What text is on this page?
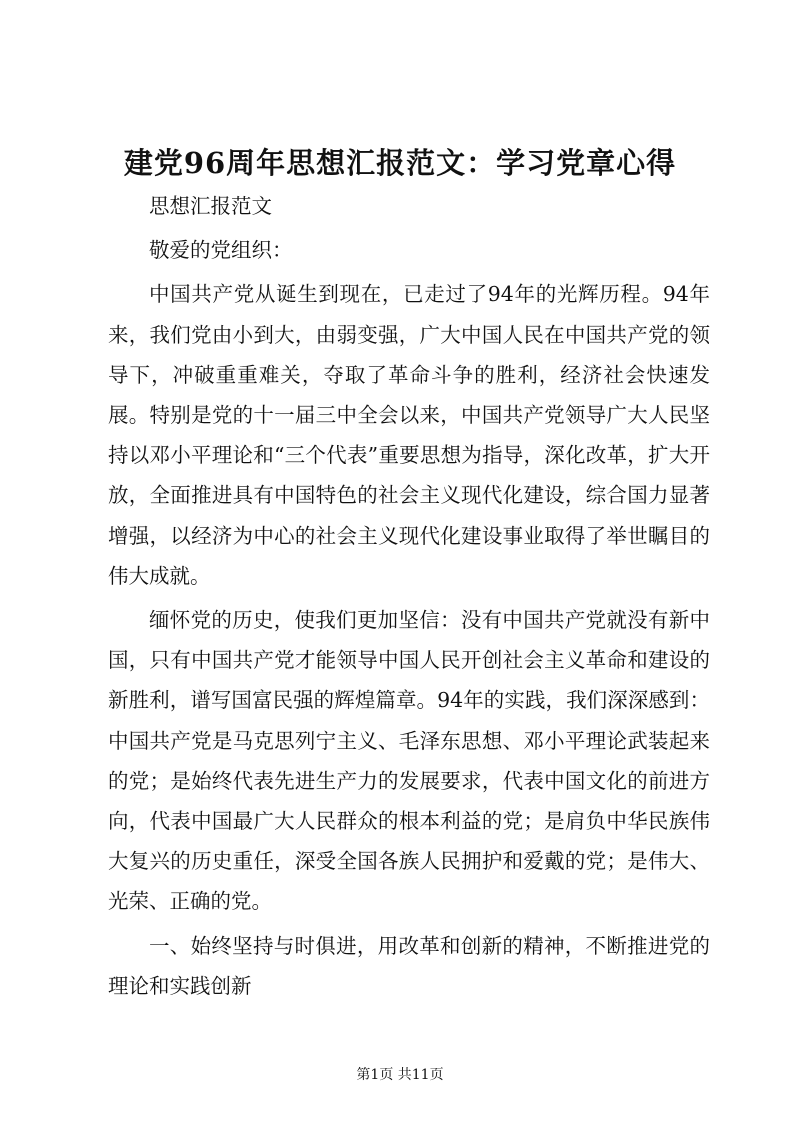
建党96周年思想汇报范文：学习党章心得

思想汇报范文

敬爱的党组织：

中国共产党从诞生到现在，已走过了94年的光辉历程。94年来，我们党由小到大，由弱变强，广大中国人民在中国共产党的领导下，冲破重重难关，夺取了革命斗争的胜利，经济社会快速发展。特别是党的十一届三中全会以来，中国共产党领导广大人民坚持以邓小平理论和“三个代表”重要思想为指导，深化改革，扩大开放，全面推进具有中国特色的社会主义现代化建设，综合国力显著增强，以经济为中心的社会主义现代化建设事业取得了举世瞩目的伟大成就。

缅怀党的历史，使我们更加坚信：没有中国共产党就没有新中国，只有中国共产党才能领导中国人民开创社会主义革命和建设的新胜利，谱写国富民强的辉煌篇章。94年的实践，我们深深感到：中国共产党是马克思列宁主义、毛泽东思想、邓小平理论武装起来的党；是始终代表先进生产力的发展要求，代表中国文化的前进方向，代表中国最广大人民群众的根本利益的党；是肩负中华民族伟大复兴的历史重任，深受全国各族人民拥护和爱戴的党；是伟大、光荣、正确的党。

一、始终坚持与时俱进，用改革和创新的精神，不断推进党的理论和实践创新

第1页 共11页
